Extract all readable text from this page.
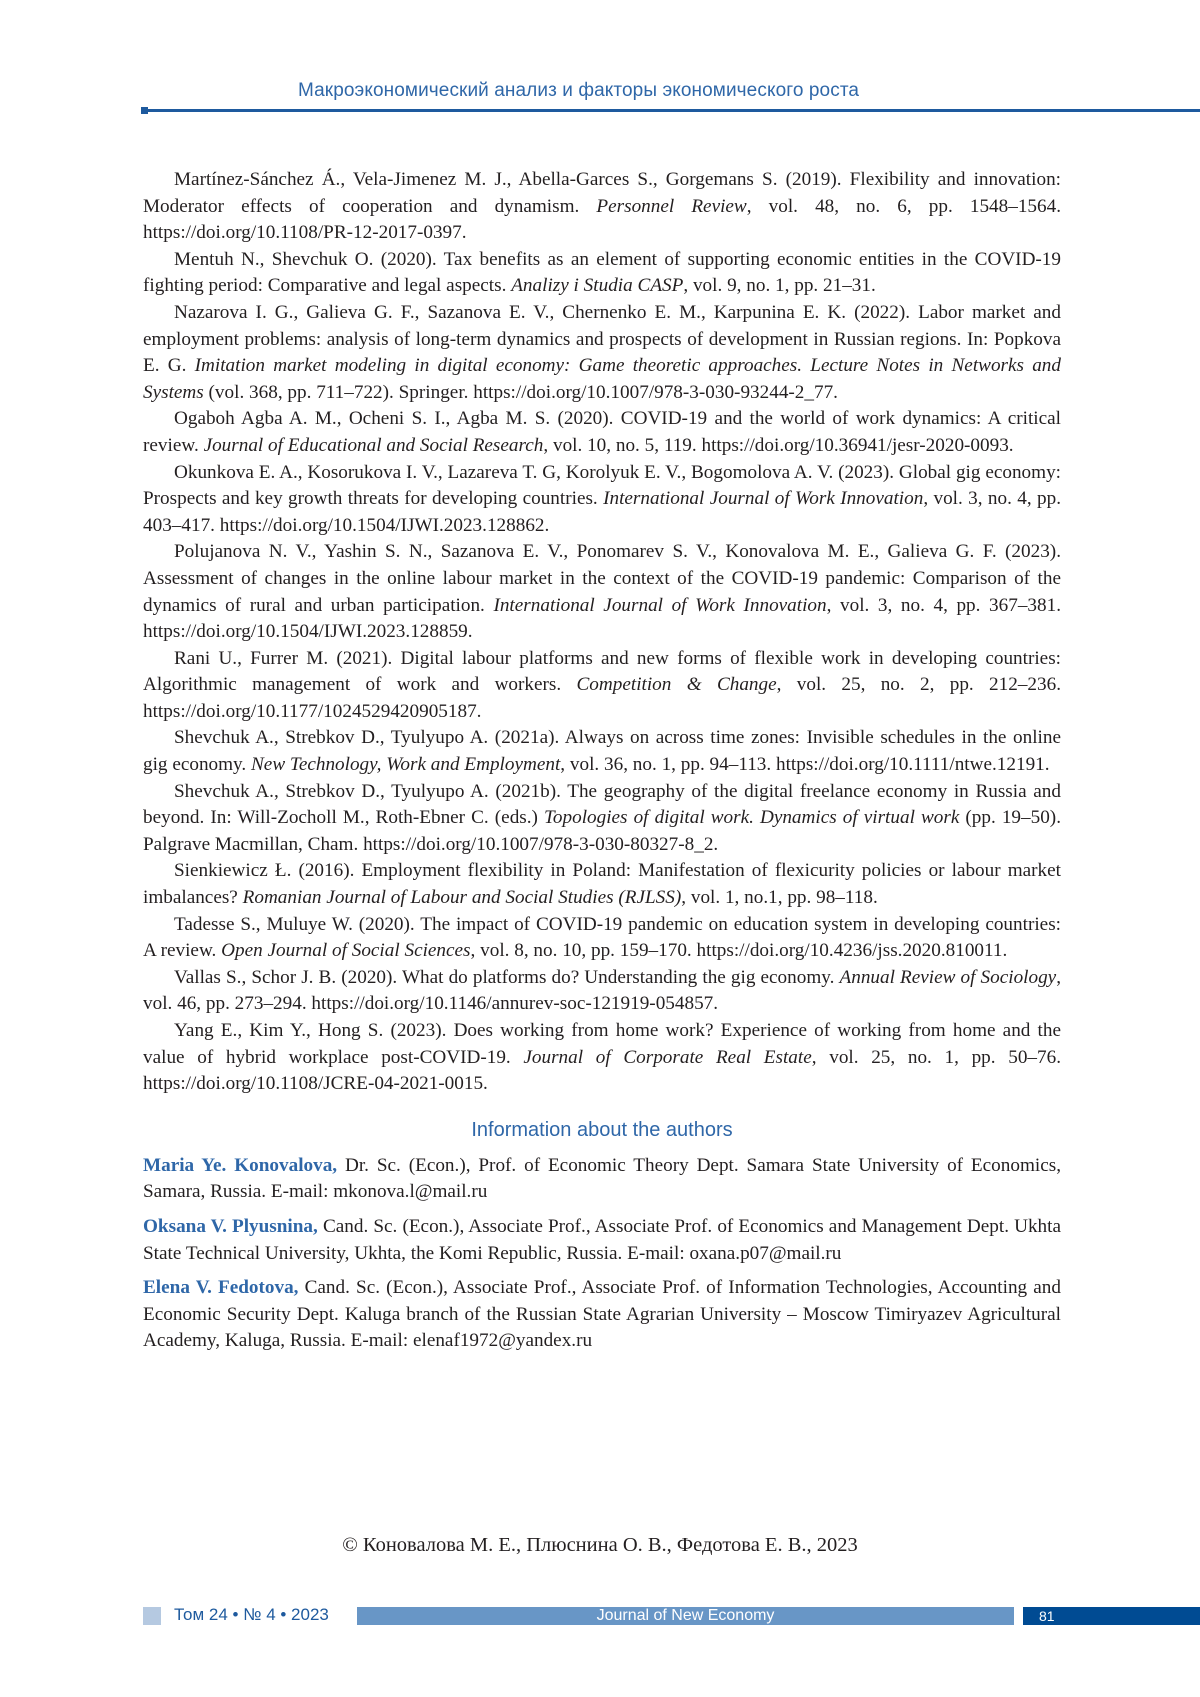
Макроэкономический анализ и факторы экономического роста

Martínez-Sánchez Á., Vela-Jimenez M. J., Abella-Garces S., Gorgemans S. (2019). Flexibility and innovation: Moderator effects of cooperation and dynamism. Personnel Review, vol. 48, no. 6, pp. 1548–1564. https://doi.org/10.1108/PR-12-2017-0397.

Mentuh N., Shevchuk O. (2020). Tax benefits as an element of supporting economic entities in the COVID-19 fighting period: Comparative and legal aspects. Analizy i Studia CASP, vol. 9, no. 1, pp. 21–31.

Nazarova I. G., Galieva G. F., Sazanova E. V., Chernenko E. M., Karpunina E. K. (2022). Labor market and employment problems: analysis of long-term dynamics and prospects of development in Russian regions. In: Popkova E. G. Imitation market modeling in digital economy: Game theoretic approaches. Lecture Notes in Networks and Systems (vol. 368, pp. 711–722). Springer. https://doi.org/10.1007/978-3-030-93244-2_77.

Ogaboh Agba A. M., Ocheni S. I., Agba M. S. (2020). COVID-19 and the world of work dynamics: A critical review. Journal of Educational and Social Research, vol. 10, no. 5, 119. https://doi.org/10.36941/jesr-2020-0093.

Okunkova E. A., Kosorukova I. V., Lazareva T. G, Korolyuk E. V., Bogomolova A. V. (2023). Global gig economy: Prospects and key growth threats for developing countries. International Journal of Work Innovation, vol. 3, no. 4, pp. 403–417. https://doi.org/10.1504/IJWI.2023.128862.

Polujanova N. V., Yashin S. N., Sazanova E. V., Ponomarev S. V., Konovalova M. E., Galieva G. F. (2023). Assessment of changes in the online labour market in the context of the COVID-19 pandemic: Comparison of the dynamics of rural and urban participation. International Journal of Work Innovation, vol. 3, no. 4, pp. 367–381. https://doi.org/10.1504/IJWI.2023.128859.

Rani U., Furrer M. (2021). Digital labour platforms and new forms of flexible work in developing countries: Algorithmic management of work and workers. Competition & Change, vol. 25, no. 2, pp. 212–236. https://doi.org/10.1177/1024529420905187.

Shevchuk A., Strebkov D., Tyulyupo A. (2021a). Always on across time zones: Invisible schedules in the online gig economy. New Technology, Work and Employment, vol. 36, no. 1, pp. 94–113. https://doi.org/10.1111/ntwe.12191.

Shevchuk A., Strebkov D., Tyulyupo A. (2021b). The geography of the digital freelance economy in Russia and beyond. In: Will-Zocholl M., Roth-Ebner C. (eds.) Topologies of digital work. Dynamics of virtual work (pp. 19–50). Palgrave Macmillan, Cham. https://doi.org/10.1007/978-3-030-80327-8_2.

Sienkiewicz Ł. (2016). Employment flexibility in Poland: Manifestation of flexicurity policies or labour market imbalances? Romanian Journal of Labour and Social Studies (RJLSS), vol. 1, no.1, pp. 98–118.

Tadesse S., Muluye W. (2020). The impact of COVID-19 pandemic on education system in developing countries: A review. Open Journal of Social Sciences, vol. 8, no. 10, pp. 159–170. https://doi.org/10.4236/jss.2020.810011.

Vallas S., Schor J. B. (2020). What do platforms do? Understanding the gig economy. Annual Review of Sociology, vol. 46, pp. 273–294. https://doi.org/10.1146/annurev-soc-121919-054857.

Yang E., Kim Y., Hong S. (2023). Does working from home work? Experience of working from home and the value of hybrid workplace post-COVID-19. Journal of Corporate Real Estate, vol. 25, no. 1, pp. 50–76. https://doi.org/10.1108/JCRE-04-2021-0015.

Information about the authors

Maria Ye. Konovalova, Dr. Sc. (Econ.), Prof. of Economic Theory Dept. Samara State University of Economics, Samara, Russia. E-mail: mkonova.l@mail.ru

Oksana V. Plyusnina, Cand. Sc. (Econ.), Associate Prof., Associate Prof. of Economics and Management Dept. Ukhta State Technical University, Ukhta, the Komi Republic, Russia. E-mail: oxana.p07@mail.ru

Elena V. Fedotova, Cand. Sc. (Econ.), Associate Prof., Associate Prof. of Information Technologies, Accounting and Economic Security Dept. Kaluga branch of the Russian State Agrarian University – Moscow Timiryazev Agricultural Academy, Kaluga, Russia. E-mail: elenaf1972@yandex.ru

© Коновалова М. Е., Плюснина О. В., Федотова Е. В., 2023
Том 24 • № 4 • 2023	Journal of New Economy	81
